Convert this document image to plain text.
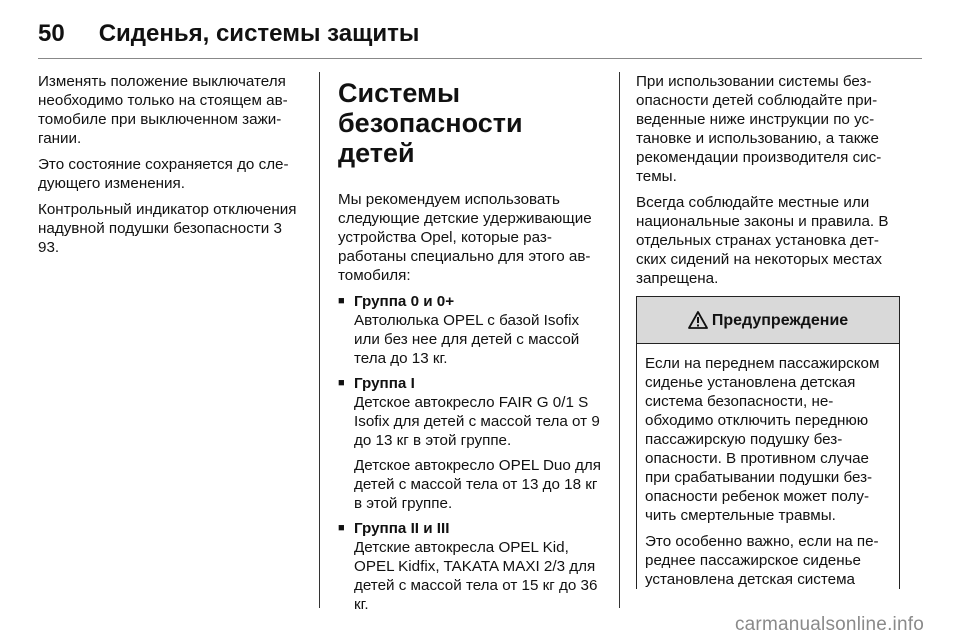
50 Сиденья, системы защиты

Изменять положение выключателя необходимо только на стоящем автомобиле при выключенном зажигании.

Это состояние сохраняется до следующего изменения.

Контрольный индикатор отключения надувной подушки безопасности 3 93.

Системы безопасности детей

Мы рекомендуем использовать следующие детские удерживающие устройства Opel, которые разработаны специально для этого автомобиля:

■ Группа 0 и 0+

Автолюлька OPEL с базой Isofix или без нее для детей с массой тела до 13 кг.

■ Группа I

Детское автокресло FAIR G 0/1 S Isofix для детей с массой тела от 9 до 13 кг в этой группе.

Детское автокресло OPEL Duo для детей с массой тела от 13 до 18 кг в этой группе.

■ Группа II и III

Детские автокресла OPEL Kid, OPEL Kidfix, TAKATA MAXI 2/3 для детей с массой тела от 15 кг до 36 кг.

При использовании системы безопасности детей соблюдайте приведенные ниже инструкции по установке и использованию, а также рекомендации производителя системы.

Всегда соблюдайте местные или национальные законы и правила. В отдельных странах установка детских сидений на некоторых местах запрещена.

Предупреждение

Если на переднем пассажирском сиденье установлена детская система безопасности, необходимо отключить переднюю пассажирскую подушку безопасности. В противном случае при срабатывании подушки безопасности ребенок может получить смертельные травмы.

Это особенно важно, если на переднее пассажирское сиденье установлена детская система

carmanualsonline.info
